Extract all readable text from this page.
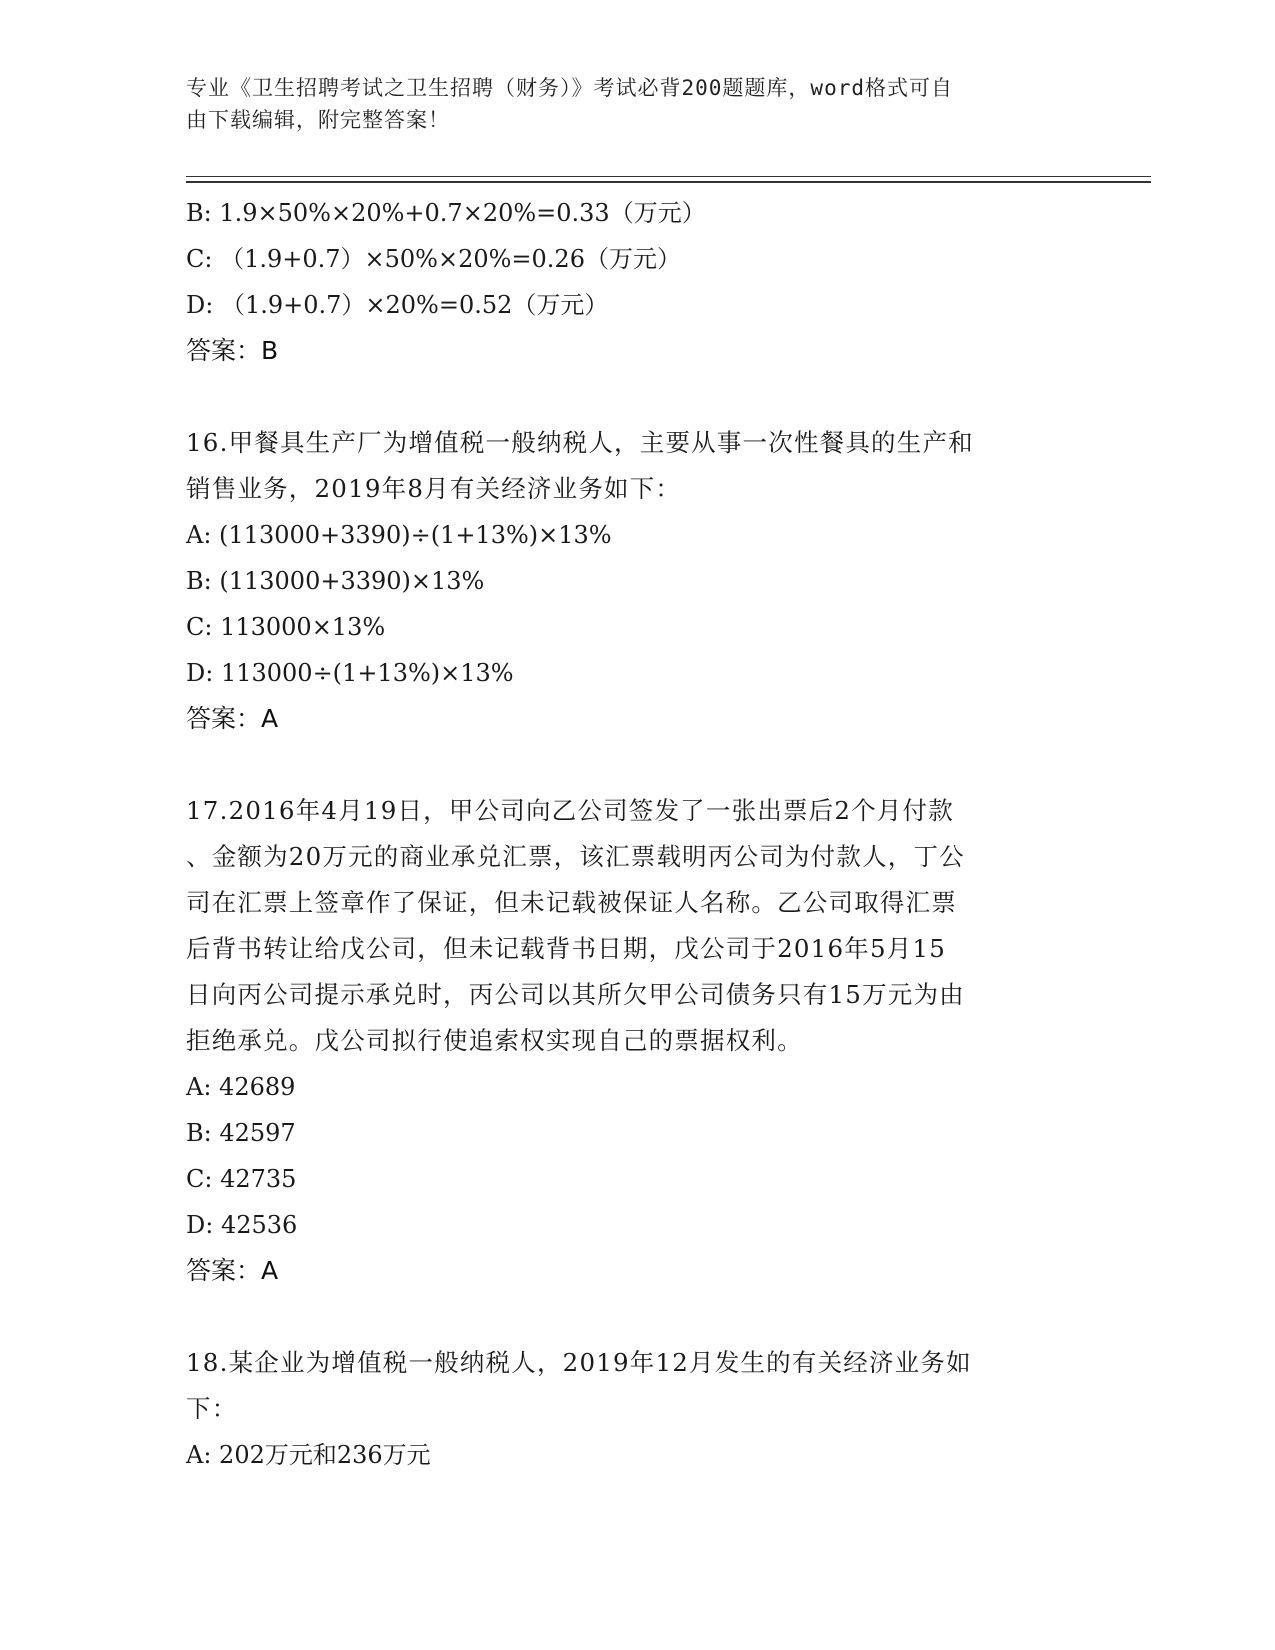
专业《卫生招聘考试之卫生招聘（财务）》考试必背200题题库，word格式可自
由下载编辑，附完整答案！
B: 1.9×50%×20%+0.7×20%=0.33（万元）
C: （1.9+0.7）×50%×20%=0.26（万元）
D: （1.9+0.7）×20%=0.52（万元）
答案：B
16.甲餐具生产厂为增值税一般纳税人，主要从事一次性餐具的生产和
销售业务，2019年8月有关经济业务如下：
A: (113000+3390)÷(1+13%)×13%
B: (113000+3390)×13%
C: 113000×13%
D: 113000÷(1+13%)×13%
答案：A
17.2016年4月19日，甲公司向乙公司签发了一张出票后2个月付款
、金额为20万元的商业承兑汇票，该汇票载明丙公司为付款人，丁公
司在汇票上签章作了保证，但未记载被保证人名称。乙公司取得汇票
后背书转让给戊公司，但未记载背书日期，戊公司于2016年5月15
日向丙公司提示承兑时，丙公司以其所欠甲公司债务只有15万元为由
拒绝承兑。戊公司拟行使追索权实现自己的票据权利。
A: 42689
B: 42597
C: 42735
D: 42536
答案：A
18.某企业为增值税一般纳税人，2019年12月发生的有关经济业务如
下：
A: 202万元和236万元
